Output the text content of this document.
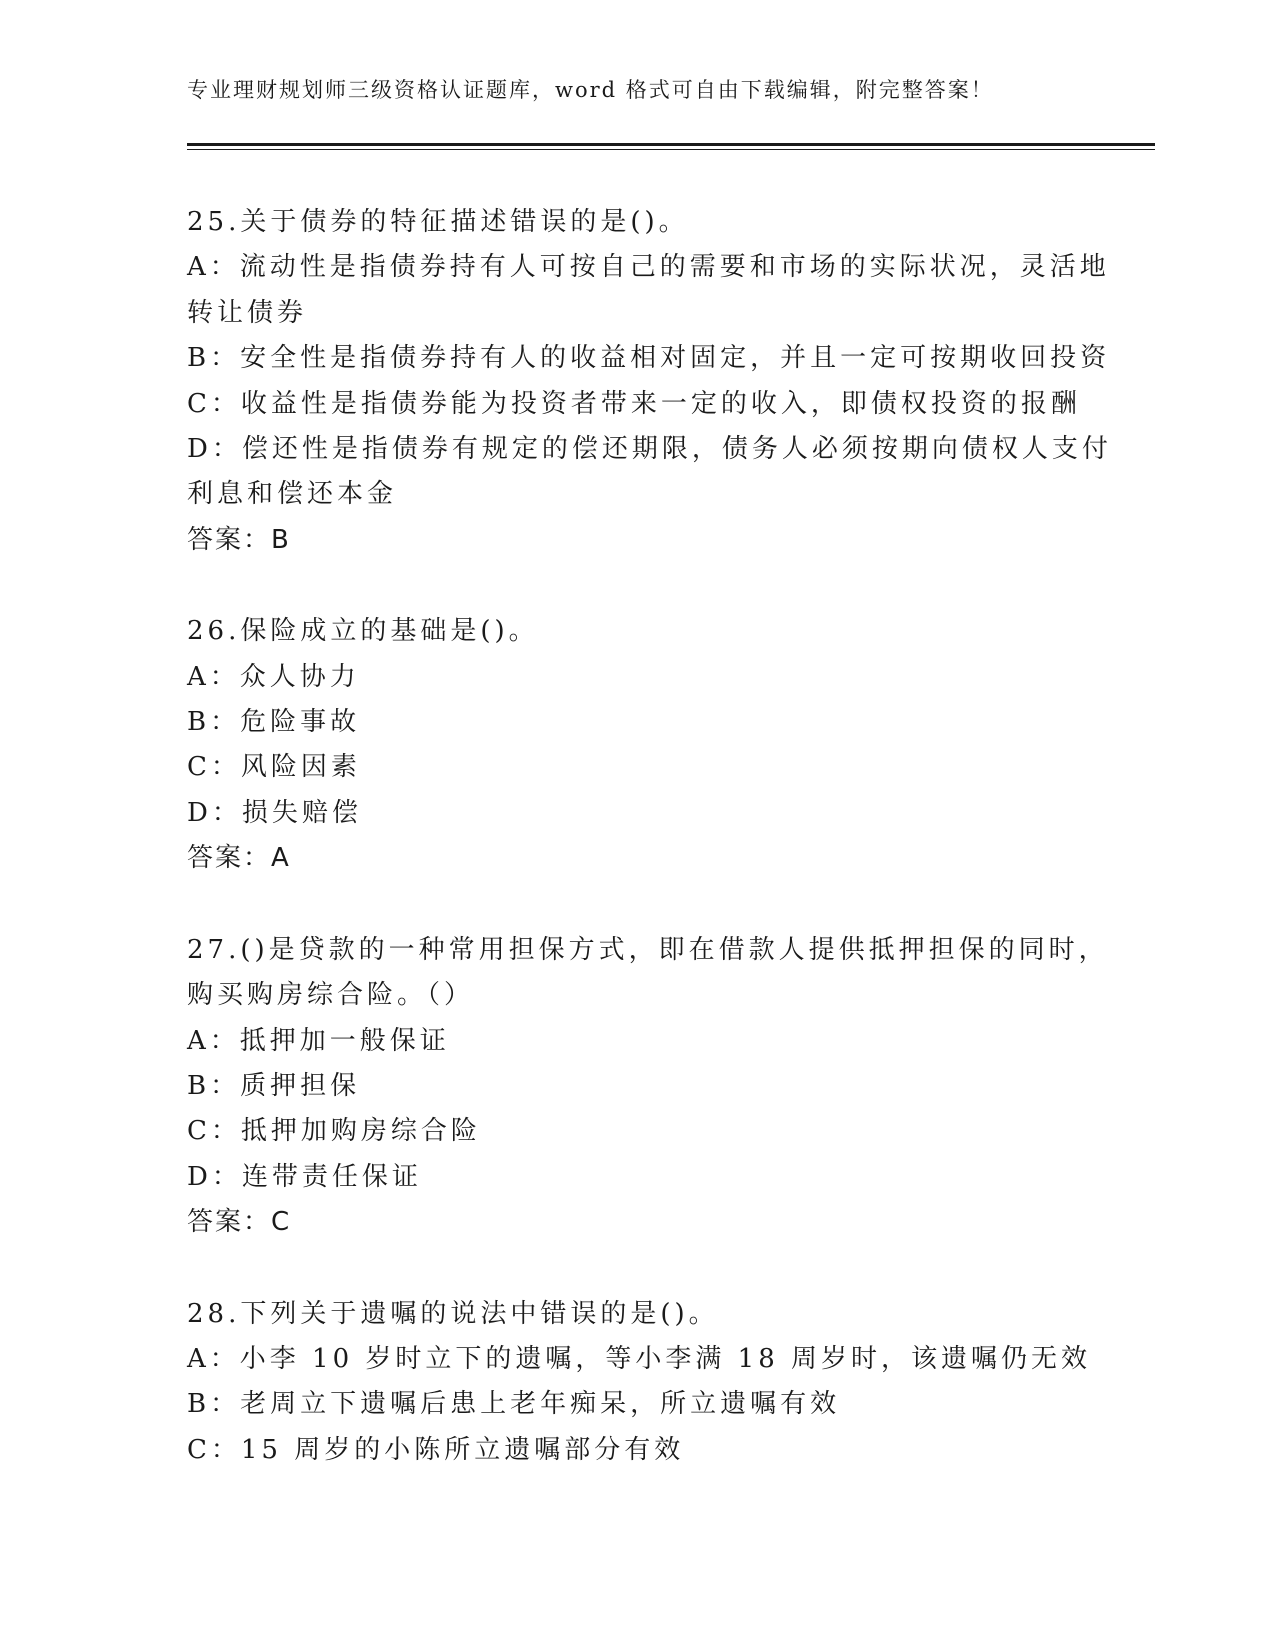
专业理财规划师三级资格认证题库，word 格式可自由下载编辑，附完整答案！
25.关于债券的特征描述错误的是()。
A：流动性是指债券持有人可按自己的需要和市场的实际状况，灵活地
转让债券
B：安全性是指债券持有人的收益相对固定，并且一定可按期收回投资
C：收益性是指债券能为投资者带来一定的收入，即债权投资的报酬
D：偿还性是指债券有规定的偿还期限，债务人必须按期向债权人支付
利息和偿还本金
答案：B
26.保险成立的基础是()。
A：众人协力
B：危险事故
C：风险因素
D：损失赔偿
答案：A
27.()是贷款的一种常用担保方式，即在借款人提供抵押担保的同时，
购买购房综合险。（）
A：抵押加一般保证
B：质押担保
C：抵押加购房综合险
D：连带责任保证
答案：C
28.下列关于遗嘱的说法中错误的是()。
A：小李 10 岁时立下的遗嘱，等小李满 18 周岁时，该遗嘱仍无效
B：老周立下遗嘱后患上老年痴呆，所立遗嘱有效
C：15 周岁的小陈所立遗嘱部分有效
